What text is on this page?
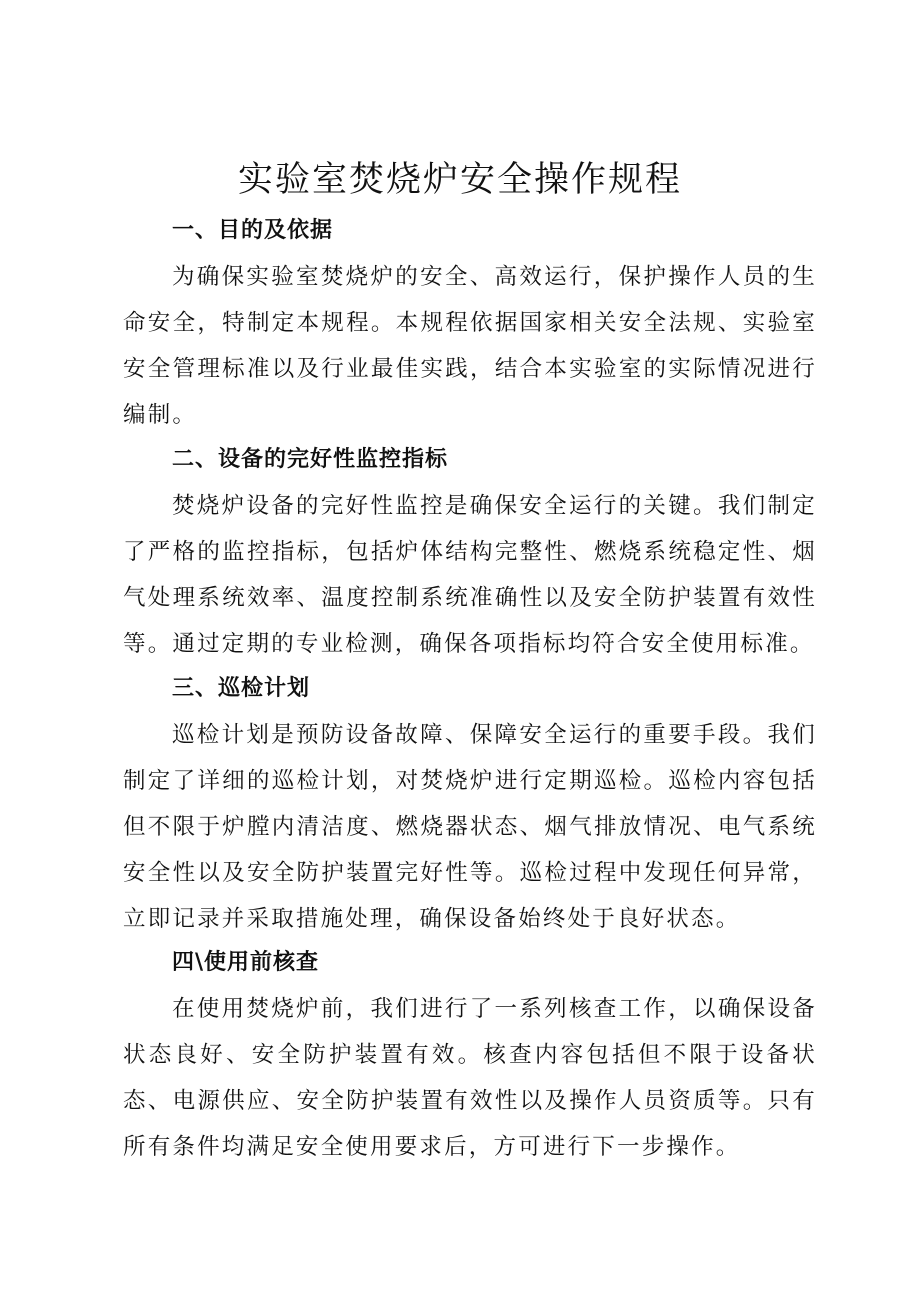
实验室焚烧炉安全操作规程
一、目的及依据
为确保实验室焚烧炉的安全、高效运行，保护操作人员的生命安全，特制定本规程。本规程依据国家相关安全法规、实验室安全管理标准以及行业最佳实践，结合本实验室的实际情况进行编制。
二、设备的完好性监控指标
焚烧炉设备的完好性监控是确保安全运行的关键。我们制定了严格的监控指标，包括炉体结构完整性、燃烧系统稳定性、烟气处理系统效率、温度控制系统准确性以及安全防护装置有效性等。通过定期的专业检测，确保各项指标均符合安全使用标准。
三、巡检计划
巡检计划是预防设备故障、保障安全运行的重要手段。我们制定了详细的巡检计划，对焚烧炉进行定期巡检。巡检内容包括但不限于炉膛内清洁度、燃烧器状态、烟气排放情况、电气系统安全性以及安全防护装置完好性等。巡检过程中发现任何异常，立即记录并采取措施处理，确保设备始终处于良好状态。
四\使用前核查
在使用焚烧炉前，我们进行了一系列核查工作，以确保设备状态良好、安全防护装置有效。核查内容包括但不限于设备状态、电源供应、安全防护装置有效性以及操作人员资质等。只有所有条件均满足安全使用要求后，方可进行下一步操作。
